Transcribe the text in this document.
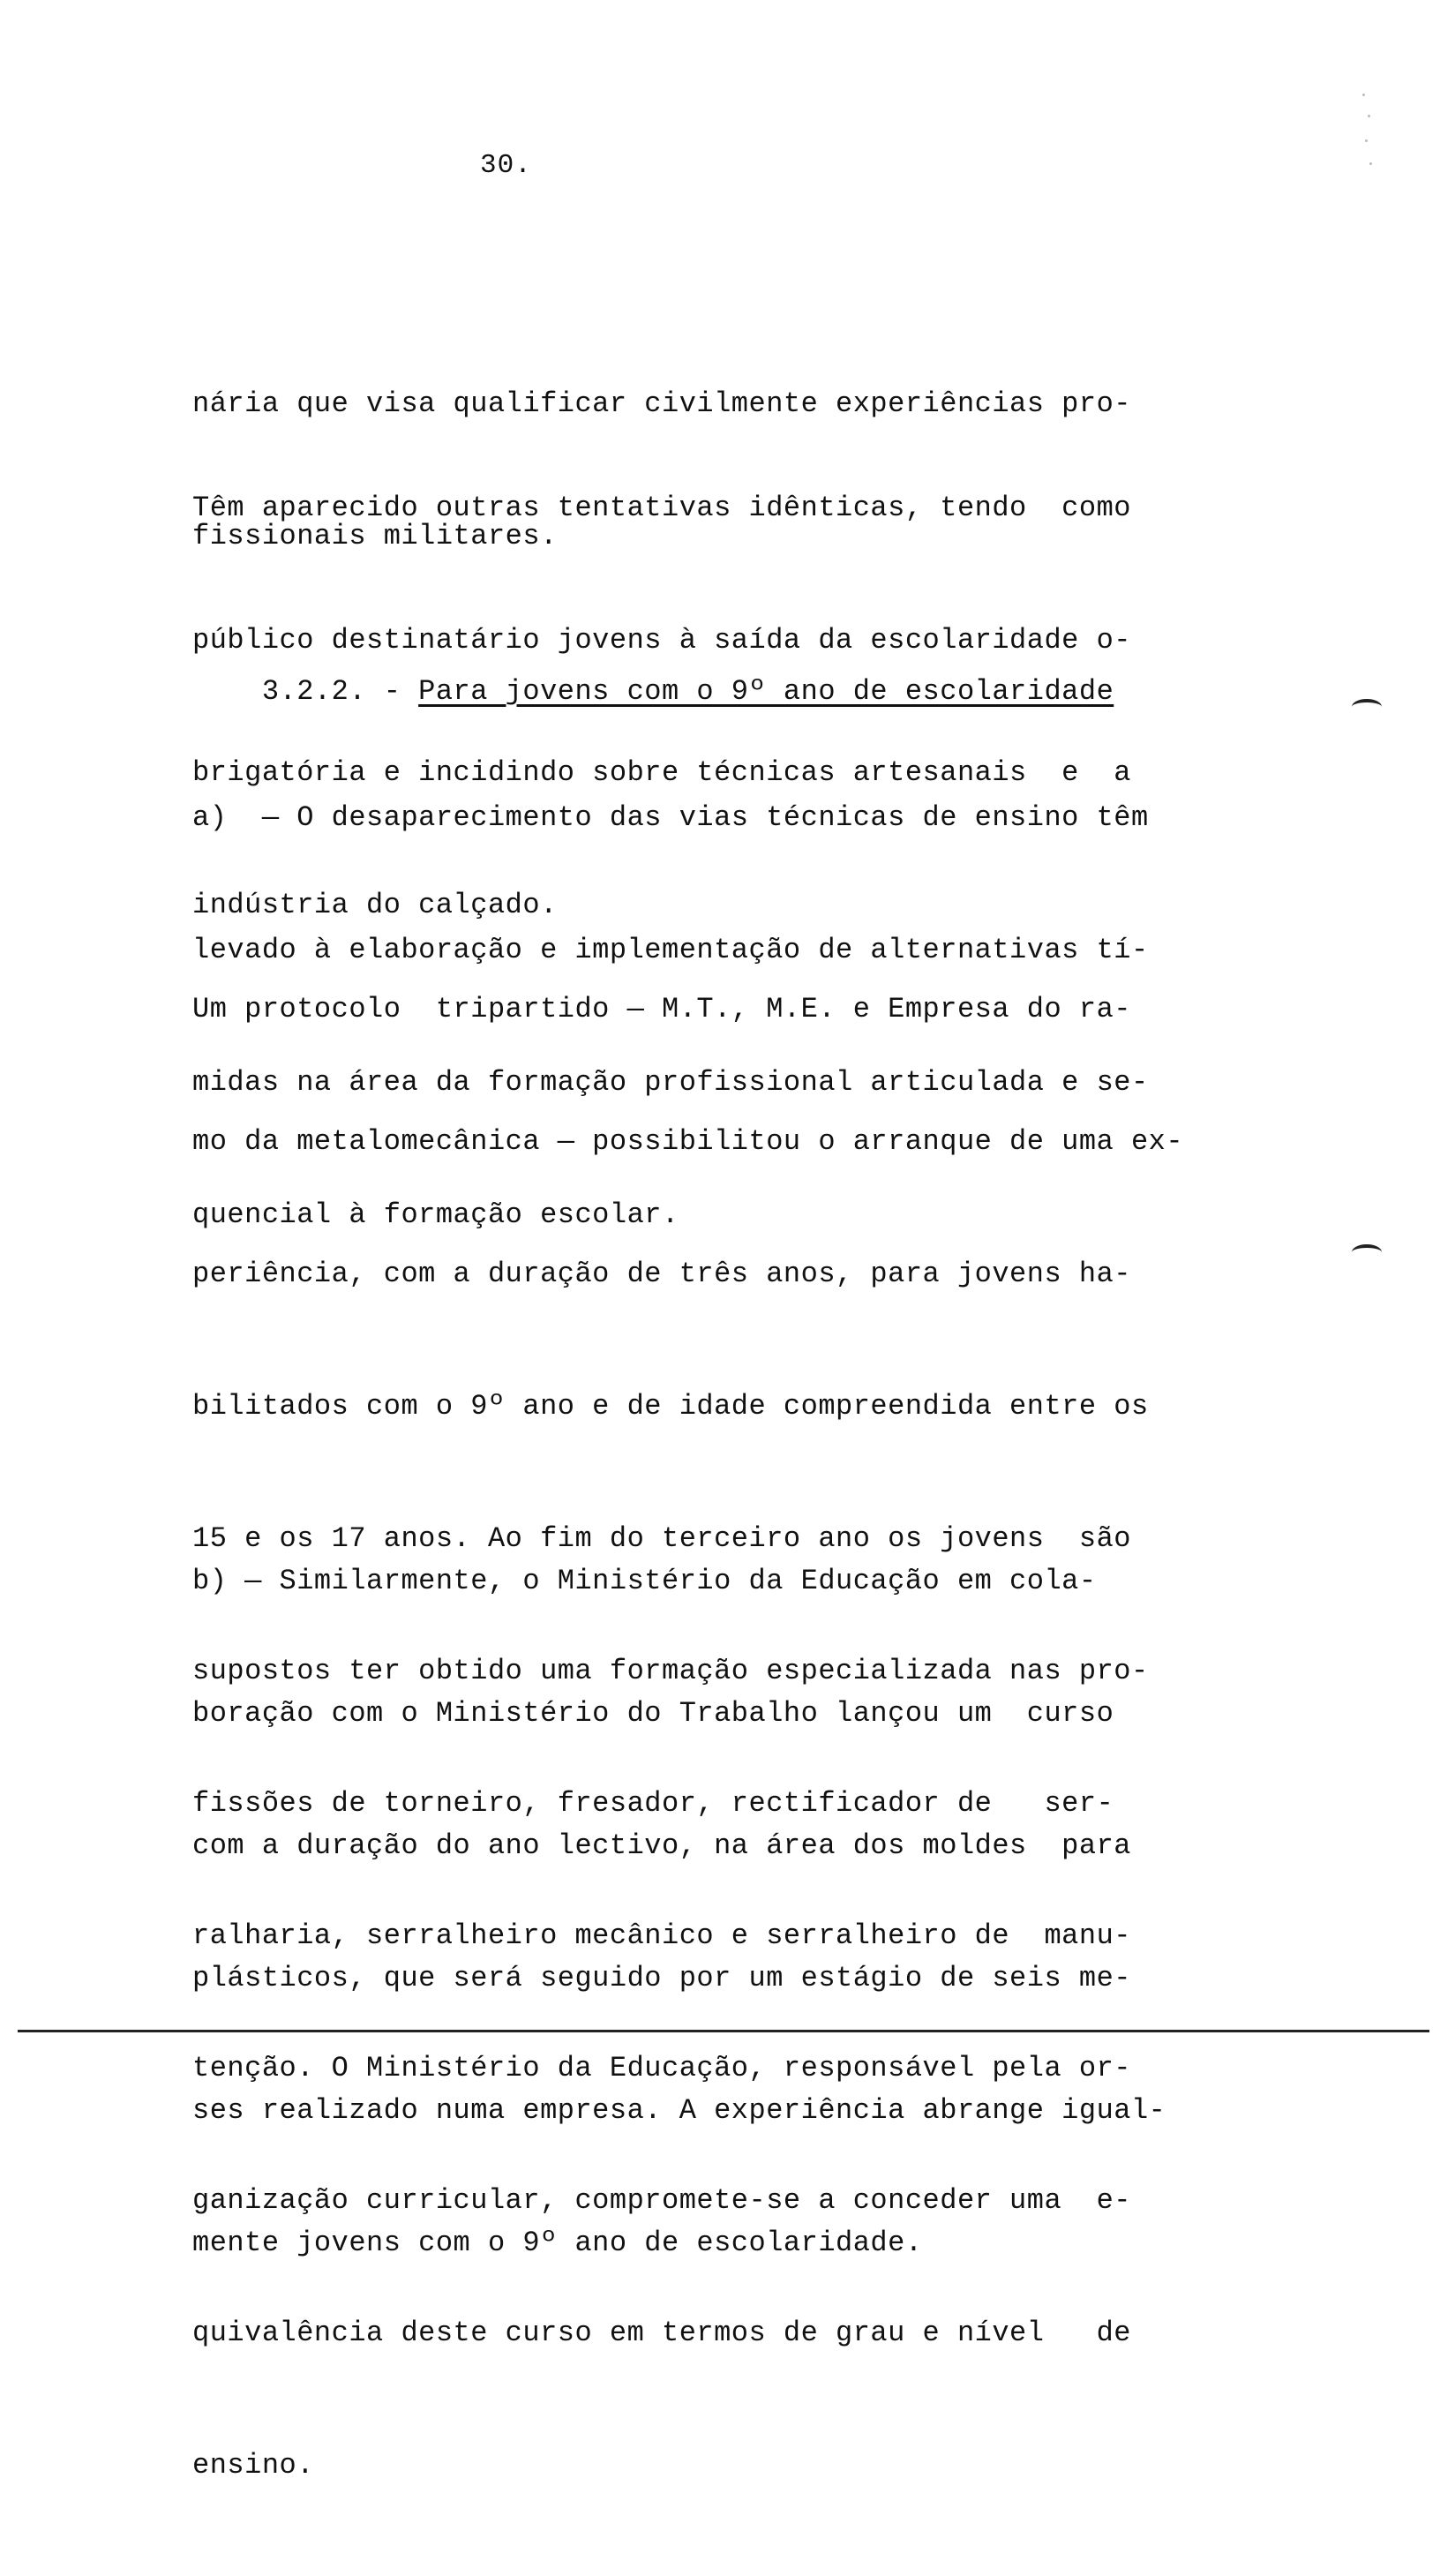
30.

nária que visa qualificar civilmente experiências pro-

fissionais militares.

Têm aparecido outras tentativas idênticas, tendo  como

público destinatário jovens à saída da escolaridade o-

brigatória e incidindo sobre técnicas artesanais  e  a

indústria do calçado.

3.2.2. - Para jovens com o 9º ano de escolaridade

a)  — O desaparecimento das vias técnicas de ensino têm

levado à elaboração e implementação de alternativas tí-

midas na área da formação profissional articulada e se-

quencial à formação escolar.

Um protocolo  tripartido — M.T., M.E. e Empresa do ra-

mo da metalomecânica — possibilitou o arranque de uma ex-

periência, com a duração de três anos, para jovens ha-

bilitados com o 9º ano e de idade compreendida entre os

15 e os 17 anos. Ao fim do terceiro ano os jovens  são

supostos ter obtido uma formação especializada nas pro-

fissões de torneiro, fresador, rectificador de   ser-

ralharia, serralheiro mecânico e serralheiro de  manu-

tenção. O Ministério da Educação, responsável pela or-

ganização curricular, compromete-se a conceder uma  e-

quivalência deste curso em termos de grau e nível   de

ensino.

b) — Similarmente, o Ministério da Educação em cola-

boração com o Ministério do Trabalho lançou um  curso

com a duração do ano lectivo, na área dos moldes  para

plásticos, que será seguido por um estágio de seis me-

ses realizado numa empresa. A experiência abrange igual-

mente jovens com o 9º ano de escolaridade.
